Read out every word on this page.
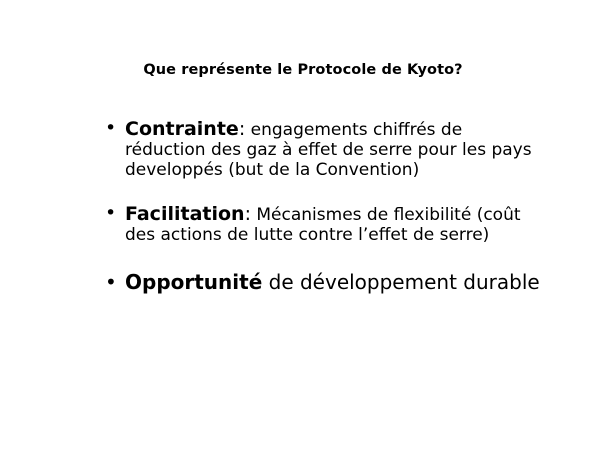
Que représente le Protocole de Kyoto?
• Contrainte: engagements chiffrés de réduction des gaz à effet de serre pour les pays developpés (but de la Convention)
• Facilitation: Mécanismes de flexibilité (coût des actions de lutte contre l’effet de serre)
• Opportunité de développement durable
